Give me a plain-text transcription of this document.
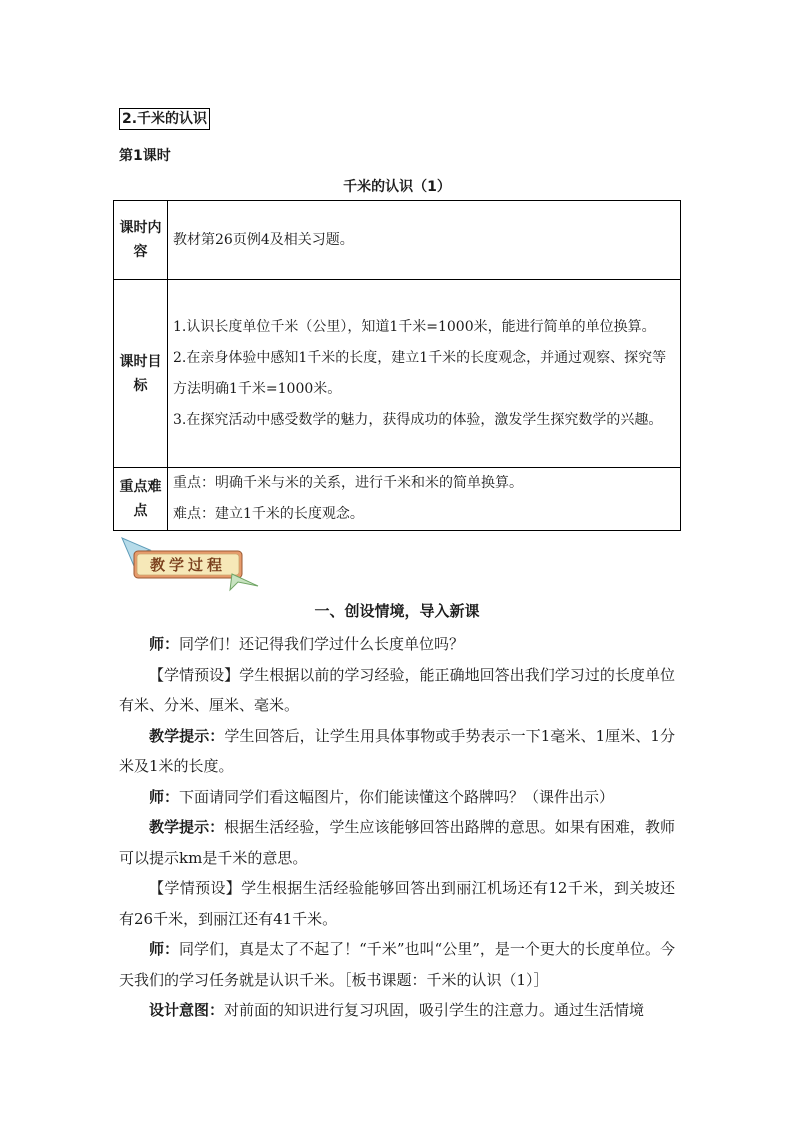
2.千米的认识
第1课时
千米的认识（1）
课时内容	教材第26页例4及相关习题。
课时目标	1.认识长度单位千米（公里），知道1千米=1000米，能进行简单的单位换算。
2.在亲身体验中感知1千米的长度，建立1千米的长度观念，并通过观察、探究等方法明确1千米=1000米。
3.在探究活动中感受数学的魅力，获得成功的体验，激发学生探究数学的兴趣。

重点难点	重点：明确千米与米的关系，进行千米和米的简单换算。
难点：建立1千米的长度观念。
教学过程
一、创设情境，导入新课

师：同学们！还记得我们学过什么长度单位吗？

【学情预设】学生根据以前的学习经验，能正确地回答出我们学习过的长度单位有米、分米、厘米、毫米。

教学提示：学生回答后，让学生用具体事物或手势表示一下1毫米、1厘米、1分米及1米的长度。

师：下面请同学们看这幅图片，你们能读懂这个路牌吗？（课件出示）

教学提示：根据生活经验，学生应该能够回答出路牌的意思。如果有困难，教师可以提示km是千米的意思。

【学情预设】学生根据生活经验能够回答出到丽江机场还有12千米，到关坡还有26千米，到丽江还有41千米。

师：同学们，真是太了不起了！“千米”也叫“公里”，是一个更大的长度单位。今天我们的学习任务就是认识千米。［板书课题：千米的认识（1）］

设计意图：对前面的知识进行复习巩固，吸引学生的注意力。通过生活情境
